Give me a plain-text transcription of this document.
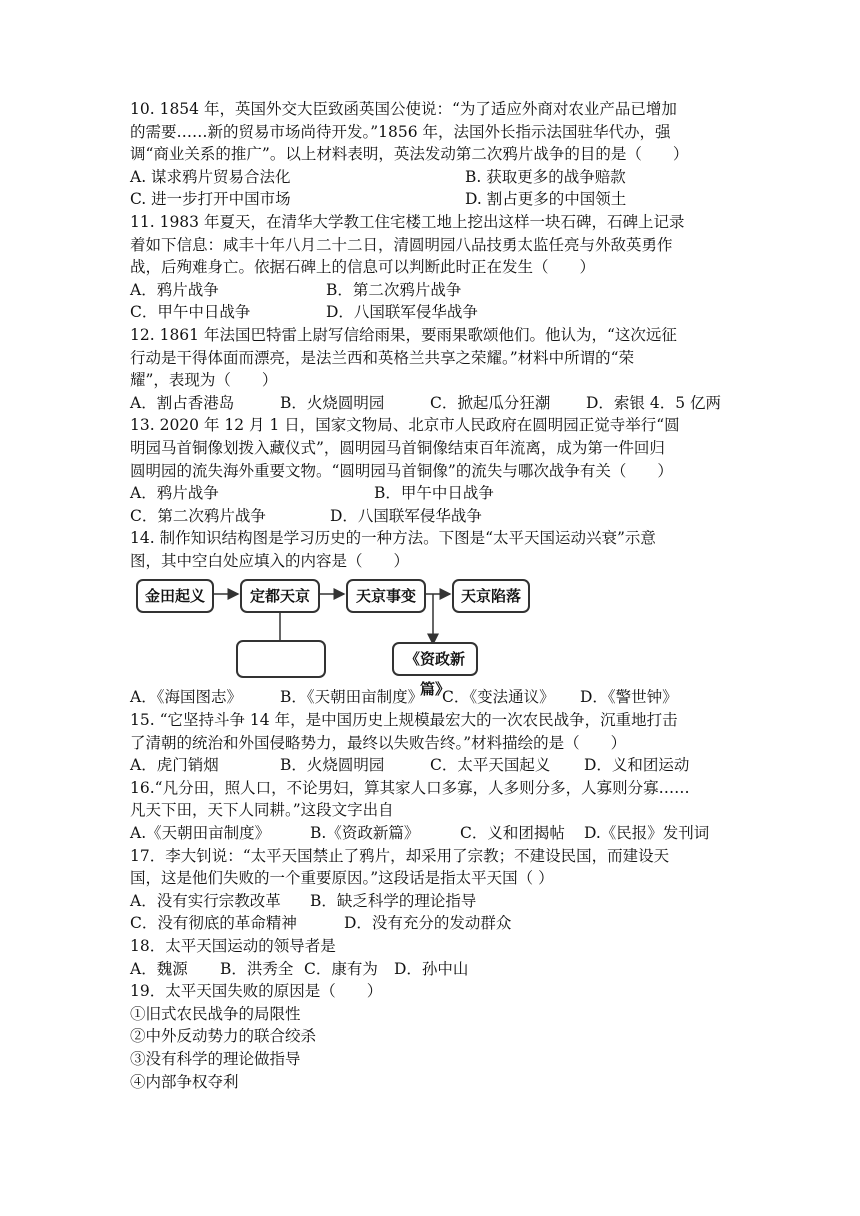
10. 1854 年，英国外交大臣致函英国公使说：“为了适应外商对农业产品已增加
的需要……新的贸易市场尚待开发。”1856 年，法国外长指示法国驻华代办，强
调“商业关系的推广”。以上材料表明，英法发动第二次鸦片战争的目的是（　　）
A. 谋求鸦片贸易合法化	B. 获取更多的战争赔款
C. 进一步打开中国市场	D. 割占更多的中国领土
11. 1983 年夏天，在清华大学教工住宅楼工地上挖出这样一块石碑，石碑上记录
着如下信息：咸丰十年八月二十二日，清圆明园八品技勇太监任亮与外敌英勇作
战，后殉难身亡。依据石碑上的信息可以判断此时正在发生（　　）
A．鸦片战争	B．第二次鸦片战争
C．甲午中日战争	D．八国联军侵华战争
12. 1861 年法国巴特雷上尉写信给雨果，要雨果歌颂他们。他认为，“这次远征
行动是干得体面而漂亮，是法兰西和英格兰共享之荣耀。”材料中所谓的“荣
耀”，表现为（　　）
A．割占香港岛	B．火烧圆明园	C．掀起瓜分狂潮	D．索银 4．5 亿两
13. 2020 年 12 月 1 日，国家文物局、北京市人民政府在圆明园正觉寺举行“圆
明园马首铜像划拨入藏仪式”，圆明园马首铜像结束百年流离，成为第一件回归
圆明园的流失海外重要文物。“圆明园马首铜像”的流失与哪次战争有关（　　）
A．鸦片战争	B．甲午中日战争
C．第二次鸦片战争	D．八国联军侵华战争
14. 制作知识结构图是学习历史的一种方法。下图是“太平天国运动兴衰”示意
图，其中空白处应填入的内容是（　　）
金田起义	定都天京	天京事变	天京陷落
《资政新篇》
A．《海国图志》	B．《天朝田亩制度》	C．《变法通议》	D．《警世钟》
15. “它坚持斗争 14 年，是中国历史上规模最宏大的一次农民战争，沉重地打击
了清朝的统治和外国侵略势力，最终以失败告终。”材料描绘的是（　　）
A．虎门销烟	B．火烧圆明园	C．太平天国起义	D．义和团运动
16.“凡分田，照人口，不论男妇，算其家人口多寡，人多则分多，人寡则分寡……
凡天下田，天下人同耕。”这段文字出自
A.《天朝田亩制度》	B.《资政新篇》	C．义和团揭帖	D.《民报》发刊词
17．李大钊说：“太平天国禁止了鸦片，却采用了宗教；不建设民国，而建设天
国，这是他们失败的一个重要原因。”这段话是指太平天国（ ）
A．没有实行宗教改革	B．缺乏科学的理论指导
C．没有彻底的革命精神	D．没有充分的发动群众
18．太平天国运动的领导者是
A．魏源	B．洪秀全 C．康有为	D．孙中山
19．太平天国失败的原因是（　　）
①旧式农民战争的局限性
②中外反动势力的联合绞杀
③没有科学的理论做指导
④内部争权夺利
